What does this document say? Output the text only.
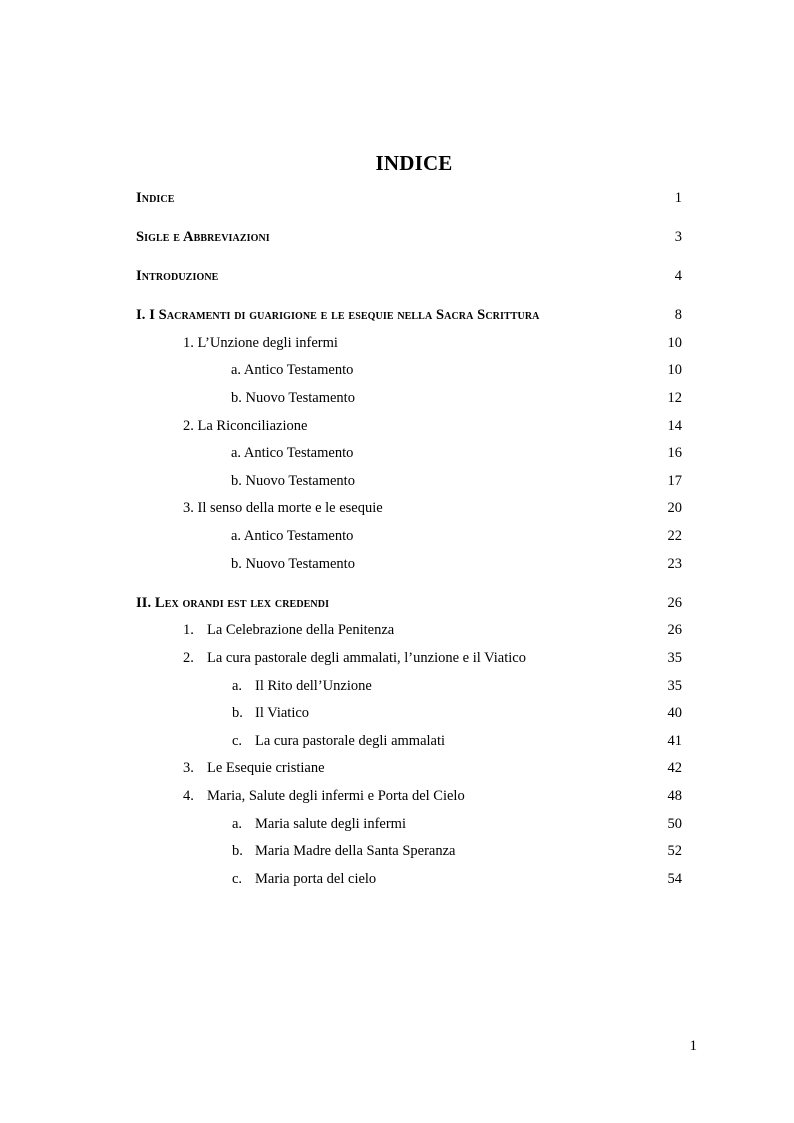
INDICE
Indice	1
Sigle e Abbreviazioni	3
Introduzione	4
I. I Sacramenti di guarigione e le esequie nella Sacra Scrittura	8
1. L’Unzione degli infermi	10
a. Antico Testamento	10
b. Nuovo Testamento	12
2. La Riconciliazione	14
a. Antico Testamento	16
b. Nuovo Testamento	17
3. Il senso della morte e le esequie	20
a. Antico Testamento	22
b. Nuovo Testamento	23
II. Lex orandi est lex credendi	26
1. La Celebrazione della Penitenza	26
2. La cura pastorale degli ammalati, l’unzione e il Viatico	35
a. Il Rito dell’Unzione	35
b. Il Viatico	40
c. La cura pastorale degli ammalati	41
3. Le Esequie cristiane	42
4. Maria, Salute degli infermi e Porta del Cielo	48
a. Maria salute degli infermi	50
b. Maria Madre della Santa Speranza	52
c. Maria porta del cielo	54
1
